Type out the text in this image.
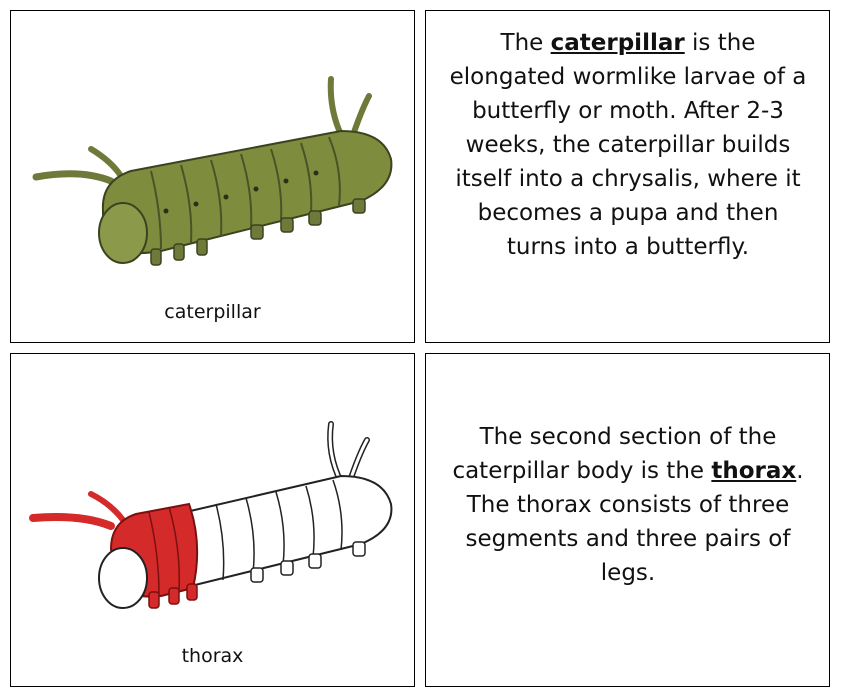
caterpillar
The caterpillar is the elongated wormlike larvae of a butterfly or moth. After 2-3 weeks, the caterpillar builds itself into a chrysalis, where it becomes a pupa and then turns into a butterfly.
thorax
The second section of the caterpillar body is the thorax. The thorax consists of three segments and three pairs of legs.
